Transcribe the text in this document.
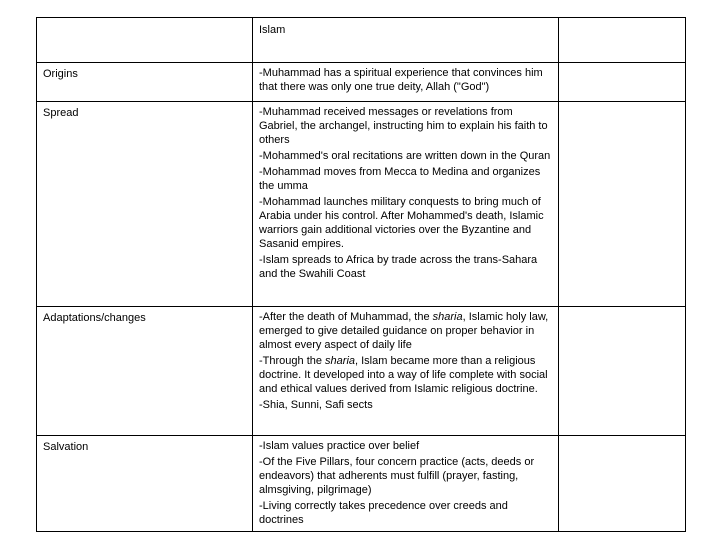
	Islam	

Origins	-Muhammad has a spiritual experience that convinces him that there was only one true deity, Allah ("God")	

Spread	-Muhammad received messages or revelations from Gabriel, the archangel, instructing him to explain his faith to others
-Mohammed's oral recitations are written down in the Quran
-Mohammad moves from Mecca to Medina and organizes the umma
-Mohammad launches military conquests to bring much of Arabia under his control. After Mohammed's death, Islamic warriors gain additional victories over the Byzantine and Sasanid empires.
-Islam spreads to Africa by trade across the trans-Sahara and the Swahili Coast	

Adaptations/changes	-After the death of Muhammad, the sharia, Islamic holy law, emerged to give detailed guidance on proper behavior in almost every aspect of daily life
-Through the sharia, Islam became more than a religious doctrine. It developed into a way of life complete with social and ethical values derived from Islamic religious doctrine.
-Shia, Sunni, Safi sects	

Salvation	-Islam values practice over belief
-Of the Five Pillars, four concern practice (acts, deeds or endeavors) that adherents must fulfill (prayer, fasting, almsgiving, pilgrimage)
-Living correctly takes precedence over creeds and doctrines	
